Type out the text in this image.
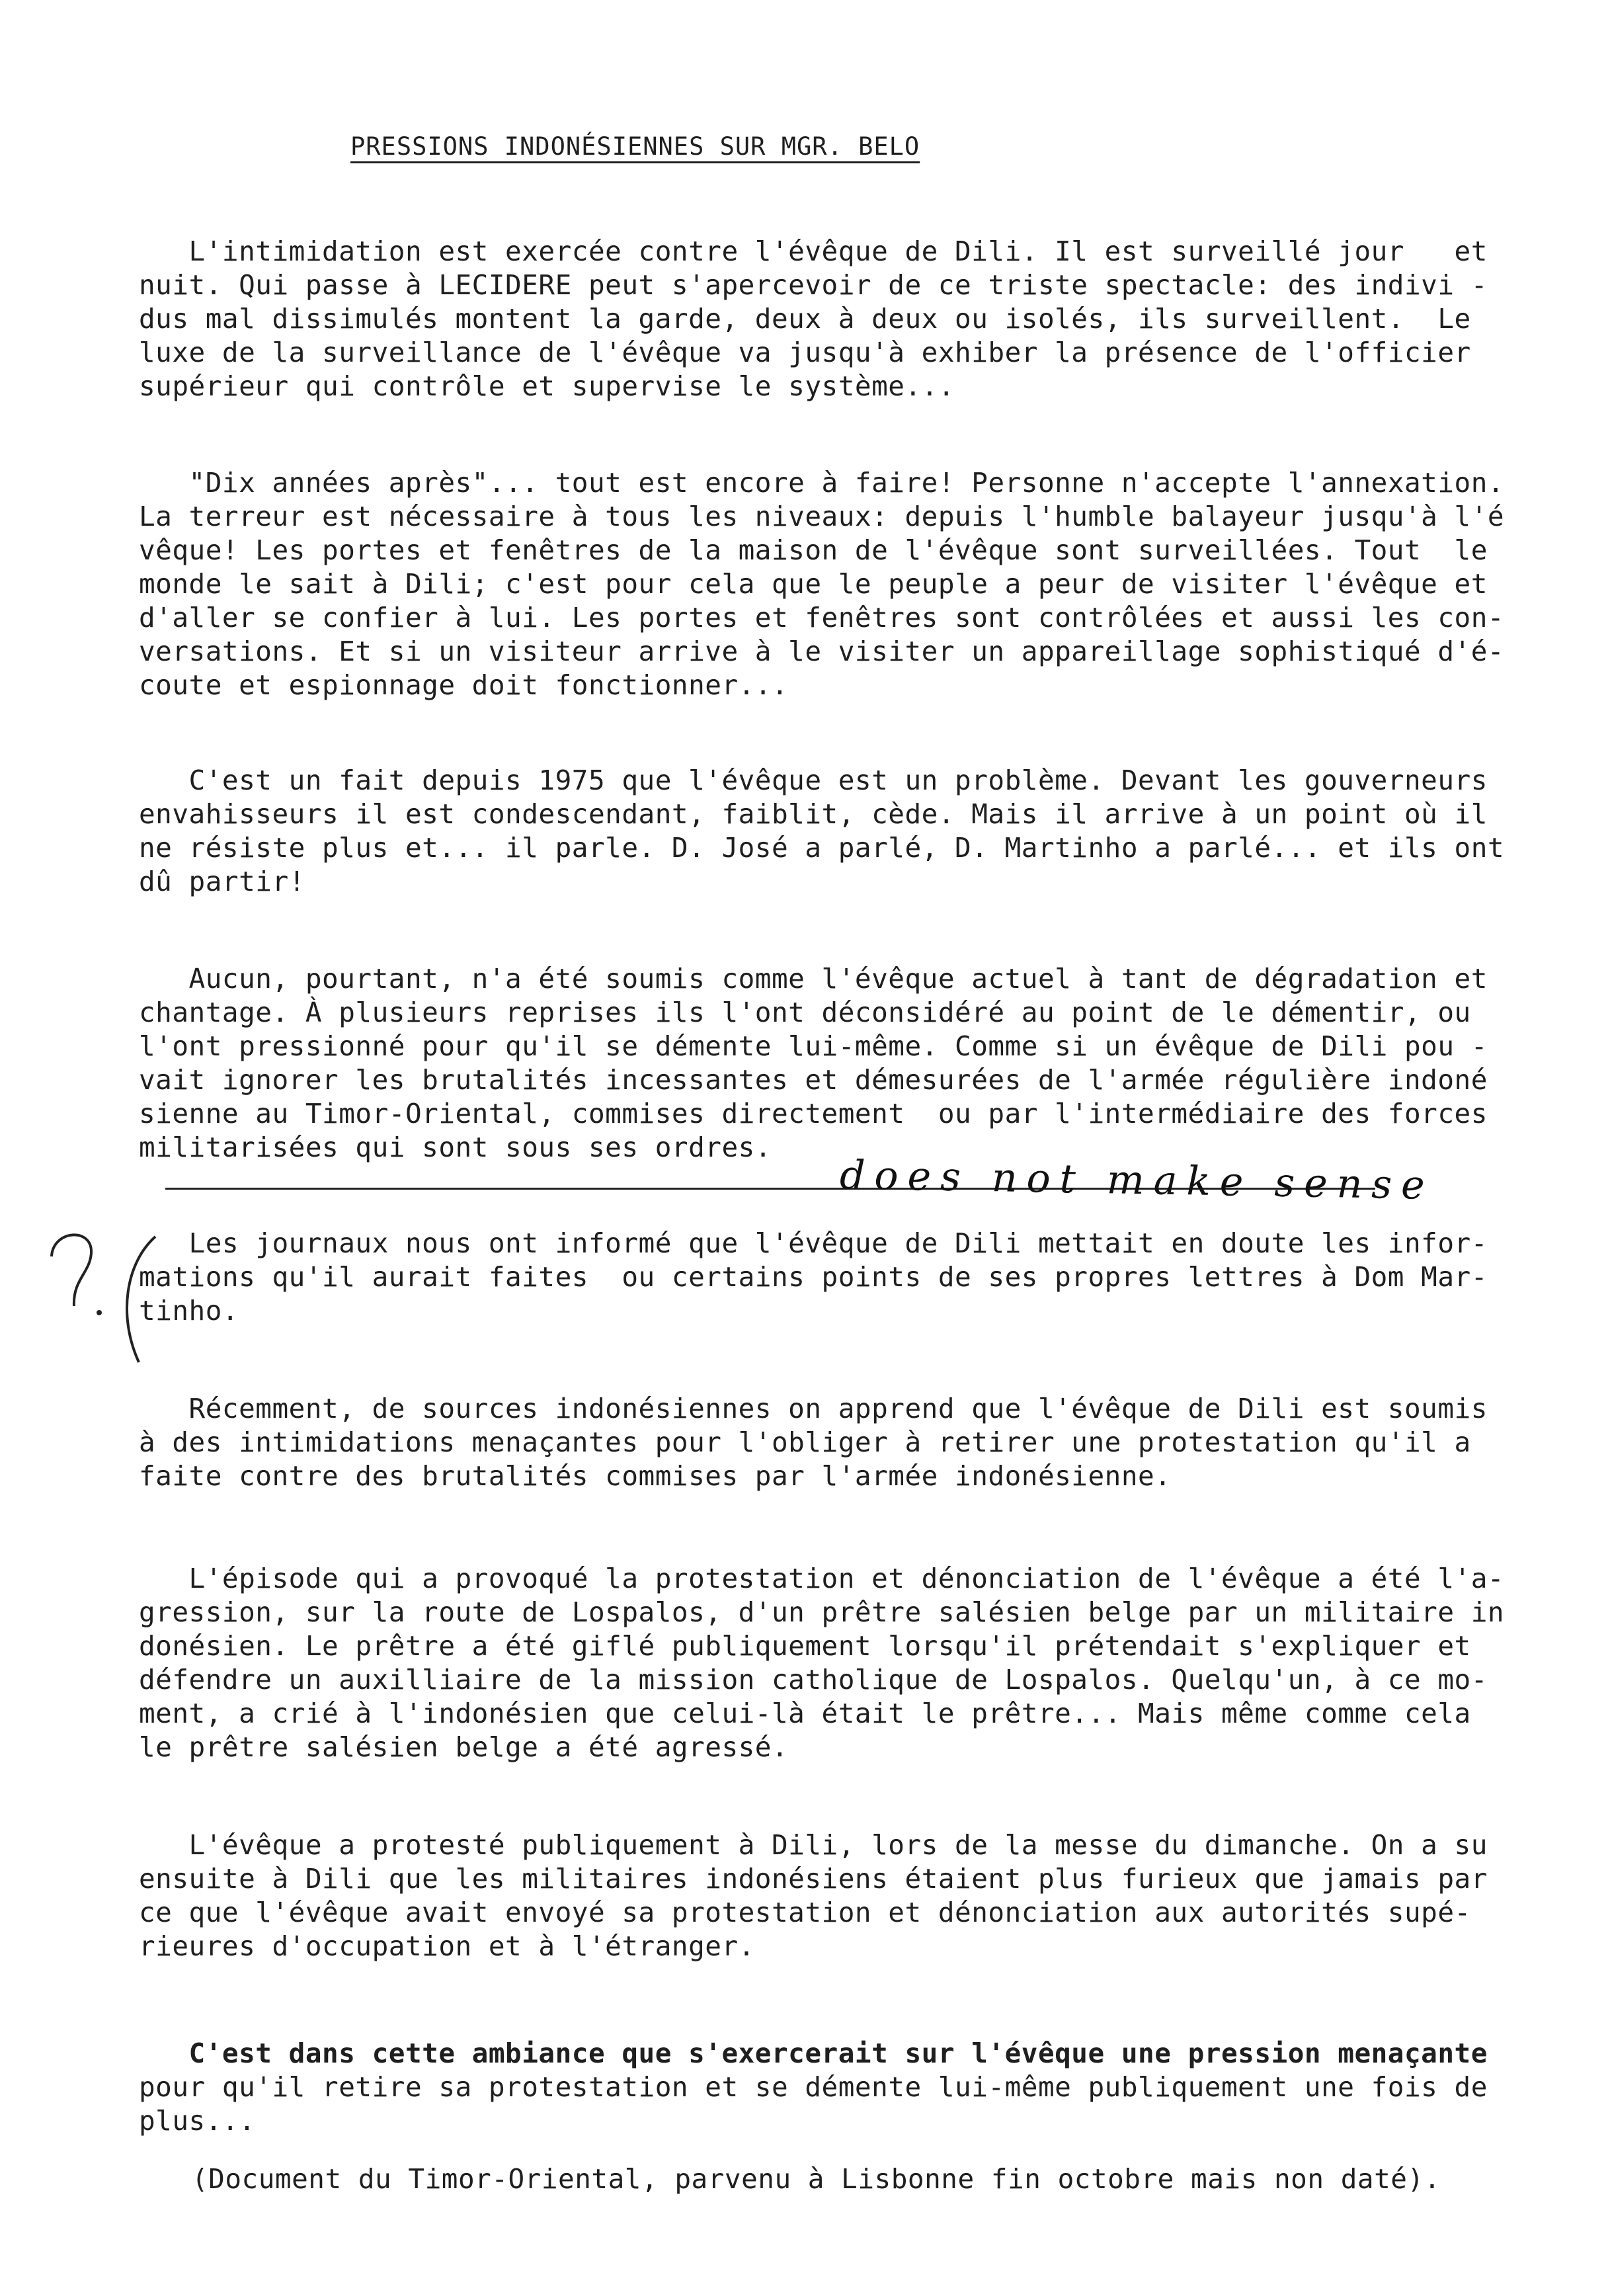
PRESSIONS INDONÉSIENNES SUR MGR. BELO
L'intimidation est exercée contre l'évêque de Dili. Il est surveillé jour   et
nuit. Qui passe à LECIDERE peut s'apercevoir de ce triste spectacle: des indivi -
dus mal dissimulés montent la garde, deux à deux ou isolés, ils surveillent.  Le
luxe de la surveillance de l'évêque va jusqu'à exhiber la présence de l'officier
supérieur qui contrôle et supervise le système...
"Dix années après"... tout est encore à faire! Personne n'accepte l'annexation.
La terreur est nécessaire à tous les niveaux: depuis l'humble balayeur jusqu'à l'é
vêque! Les portes et fenêtres de la maison de l'évêque sont surveillées. Tout  le
monde le sait à Dili; c'est pour cela que le peuple a peur de visiter l'évêque et
d'aller se confier à lui. Les portes et fenêtres sont contrôlées et aussi les con-
versations. Et si un visiteur arrive à le visiter un appareillage sophistiqué d'é-
coute et espionnage doit fonctionner...
C'est un fait depuis 1975 que l'évêque est un problème. Devant les gouverneurs
envahisseurs il est condescendant, faiblit, cède. Mais il arrive à un point où il
ne résiste plus et... il parle. D. José a parlé, D. Martinho a parlé... et ils ont
dû partir!
Aucun, pourtant, n'a été soumis comme l'évêque actuel à tant de dégradation et
chantage. À plusieurs reprises ils l'ont déconsidéré au point de le démentir, ou
l'ont pressionné pour qu'il se démente lui-même. Comme si un évêque de Dili pou -
vait ignorer les brutalités incessantes et démesurées de l'armée régulière indoné
sienne au Timor-Oriental, commises directement  ou par l'intermédiaire des forces
militarisées qui sont sous ses ordres.
does not make sense
Les journaux nous ont informé que l'évêque de Dili mettait en doute les infor-
mations qu'il aurait faites  ou certains points de ses propres lettres à Dom Mar-
tinho.
Récemment, de sources indonésiennes on apprend que l'évêque de Dili est soumis
à des intimidations menaçantes pour l'obliger à retirer une protestation qu'il a
faite contre des brutalités commises par l'armée indonésienne.
L'épisode qui a provoqué la protestation et dénonciation de l'évêque a été l'a-
gression, sur la route de Lospalos, d'un prêtre salésien belge par un militaire in
donésien. Le prêtre a été giflé publiquement lorsqu'il prétendait s'expliquer et
défendre un auxilliaire de la mission catholique de Lospalos. Quelqu'un, à ce mo-
ment, a crié à l'indonésien que celui-là était le prêtre... Mais même comme cela
le prêtre salésien belge a été agressé.
L'évêque a protesté publiquement à Dili, lors de la messe du dimanche. On a su
ensuite à Dili que les militaires indonésiens étaient plus furieux que jamais par
ce que l'évêque avait envoyé sa protestation et dénonciation aux autorités supé-
rieures d'occupation et à l'étranger.
C'est dans cette ambiance que s'exercerait sur l'évêque une pression menaçante
pour qu'il retire sa protestation et se démente lui-même publiquement une fois de
plus...
(Document du Timor-Oriental, parvenu à Lisbonne fin octobre mais non daté).
